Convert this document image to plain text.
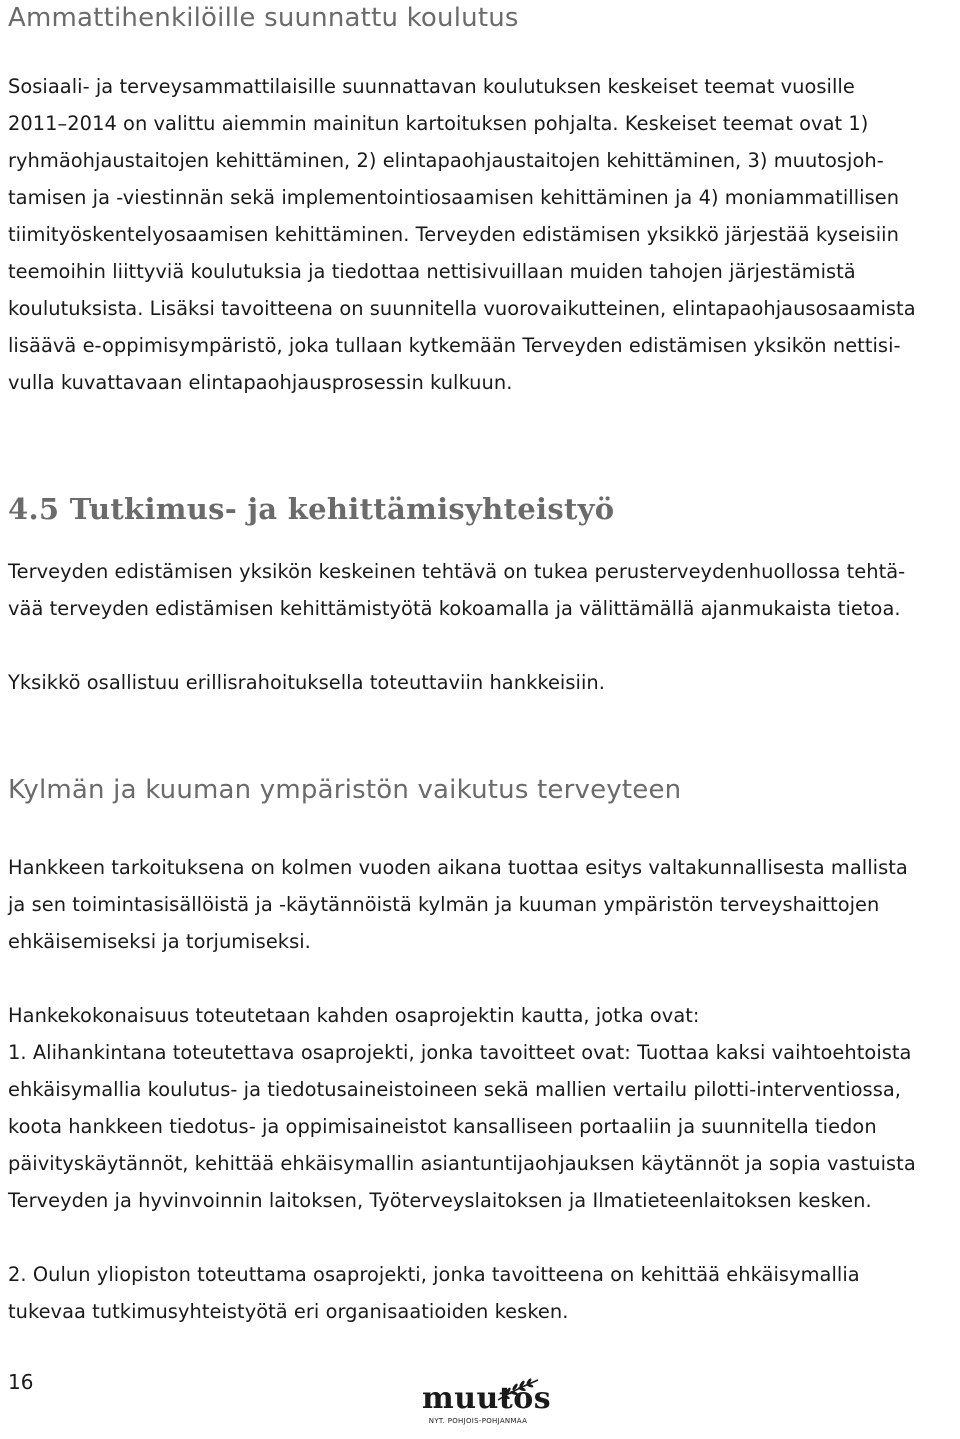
Ammattihenkilöille suunnattu koulutus
Sosiaali- ja terveysammattilaisille suunnattavan koulutuksen keskeiset teemat vuosille
2011–2014 on valittu aiemmin mainitun kartoituksen pohjalta. Keskeiset teemat ovat 1)
ryhmäohjaustaitojen kehittäminen, 2) elintapaohjaustaitojen kehittäminen, 3) muutosjoh-
tamisen ja -viestinnän sekä implementointiosaamisen kehittäminen ja 4) moniammatillisen
tiimityöskentelyosaamisen kehittäminen. Terveyden edistämisen yksikkö järjestää kyseisiin
teemoihin liittyviä koulutuksia ja tiedottaa nettisivuillaan muiden tahojen järjestämistä
koulutuksista. Lisäksi tavoitteena on suunnitella vuorovaikutteinen, elintapaohjausosaamista
lisäävä e-oppimisympäristö, joka tullaan kytkemään Terveyden edistämisen yksikön nettisi-
vulla kuvattavaan elintapaohjausprosessin kulkuun.
4.5 Tutkimus- ja kehittämisyhteistyö
Terveyden edistämisen yksikön keskeinen tehtävä on tukea perusterveydenhuollossa tehtä-
vää terveyden edistämisen kehittämistyötä kokoamalla ja välittämällä ajanmukaista tietoa.
Yksikkö osallistuu erillisrahoituksella toteuttaviin hankkeisiin.
Kylmän ja kuuman ympäristön vaikutus terveyteen
Hankkeen tarkoituksena on kolmen vuoden aikana tuottaa esitys valtakunnallisesta mallista
ja sen toimintasisällöistä ja -käytännöistä kylmän ja kuuman ympäristön terveyshaittojen
ehkäisemiseksi ja torjumiseksi.
Hankekokonaisuus toteutetaan kahden osaprojektin kautta, jotka ovat:
1. Alihankintana toteutettava osaprojekti, jonka tavoitteet ovat: Tuottaa kaksi vaihtoehtoista
ehkäisymallia koulutus- ja tiedotusaineistoineen sekä mallien vertailu pilotti-interventiossa,
koota hankkeen tiedotus- ja oppimisaineistot kansalliseen portaaliin ja suunnitella tiedon
päivityskäytännöt, kehittää ehkäisymallin asiantuntijaohjauksen käytännöt ja sopia vastuista
Terveyden ja hyvinvoinnin laitoksen, Työterveyslaitoksen ja Ilmatieteenlaitoksen kesken.
2. Oulun yliopiston toteuttama osaprojekti, jonka tavoitteena on kehittää ehkäisymallia
tukevaa tutkimusyhteistyötä eri organisaatioiden kesken.
16	muutos
NYT. POHJOIS-POHJANMAA
